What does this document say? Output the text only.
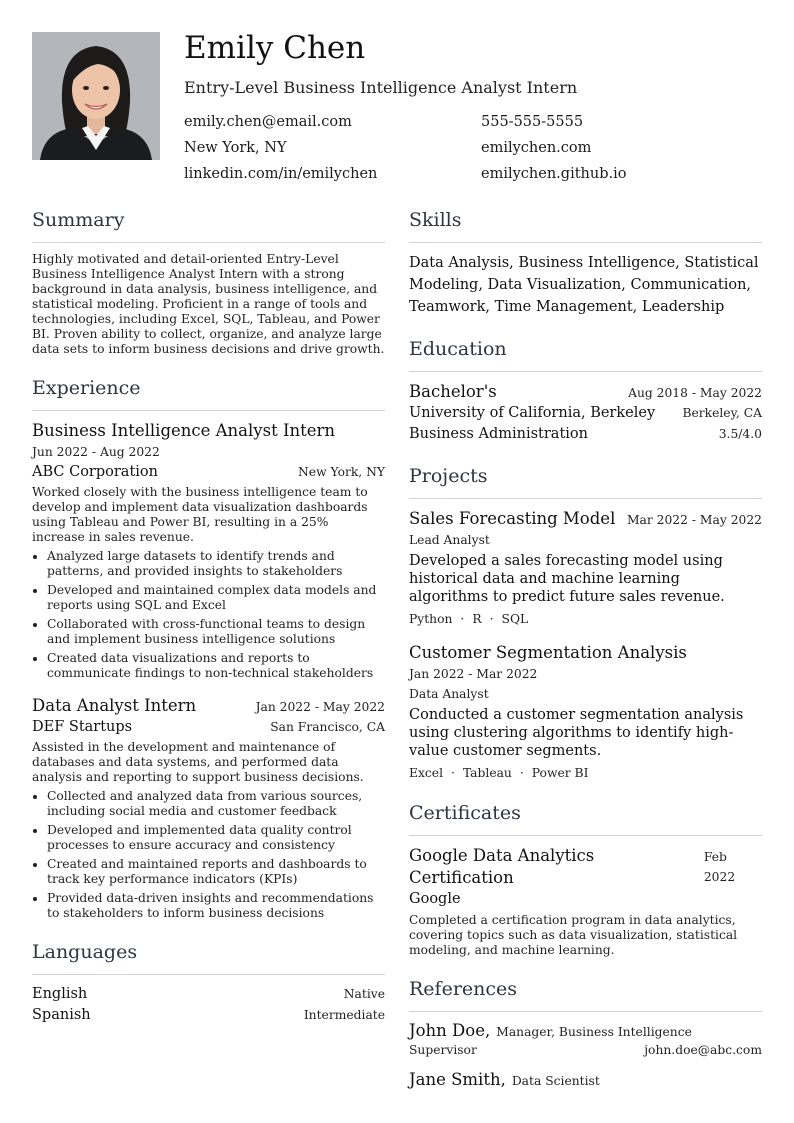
Emily Chen
Entry-Level Business Intelligence Analyst Intern
emily.chen@email.com	555-555-5555
New York, NY	emilychen.com
linkedin.com/in/emilychen	emilychen.github.io
Summary

Highly motivated and detail-oriented Entry-Level Business Intelligence Analyst Intern with a strong background in data analysis, business intelligence, and statistical modeling. Proficient in a range of tools and technologies, including Excel, SQL, Tableau, and Power BI. Proven ability to collect, organize, and analyze large data sets to inform business decisions and drive growth.

Experience
Business Intelligence Analyst Intern
Jun 2022 - Aug 2022
ABC Corporation	New York, NY

Worked closely with the business intelligence team to develop and implement data visualization dashboards using Tableau and Power BI, resulting in a 25% increase in sales revenue.

• Analyzed large datasets to identify trends and patterns, and provided insights to stakeholders
• Developed and maintained complex data models and reports using SQL and Excel
• Collaborated with cross-functional teams to design and implement business intelligence solutions
• Created data visualizations and reports to communicate findings to non-technical stakeholders
Data Analyst Intern	Jan 2022 - May 2022
DEF Startups	San Francisco, CA

Assisted in the development and maintenance of databases and data systems, and performed data analysis and reporting to support business decisions.

• Collected and analyzed data from various sources, including social media and customer feedback
• Developed and implemented data quality control processes to ensure accuracy and consistency
• Created and maintained reports and dashboards to track key performance indicators (KPIs)
• Provided data-driven insights and recommendations to stakeholders to inform business decisions
Languages
English	Native
Spanish	Intermediate
Skills
Data Analysis, Business Intelligence, Statistical Modeling, Data Visualization, Communication, Teamwork, Time Management, Leadership
Education
Bachelor's	Aug 2018 - May 2022
University of California, Berkeley Berkeley, CA
Business Administration	3.5/4.0
Projects
Sales Forecasting Model Mar 2022 - May 2022
Lead Analyst

Developed a sales forecasting model using historical data and machine learning algorithms to predict future sales revenue.

Python · R · SQL
Customer Segmentation Analysis
Jan 2022 - Mar 2022
Data Analyst

Conducted a customer segmentation analysis using clustering algorithms to identify high-value customer segments.

Excel · Tableau · Power BI
Certificates
Google Data Analytics Certification
Feb 2022
Google

Completed a certification program in data analytics, covering topics such as data visualization, statistical modeling, and machine learning.

References
John Doe, Manager, Business Intelligence
Supervisor	john.doe@abc.com
Jane Smith, Data Scientist
